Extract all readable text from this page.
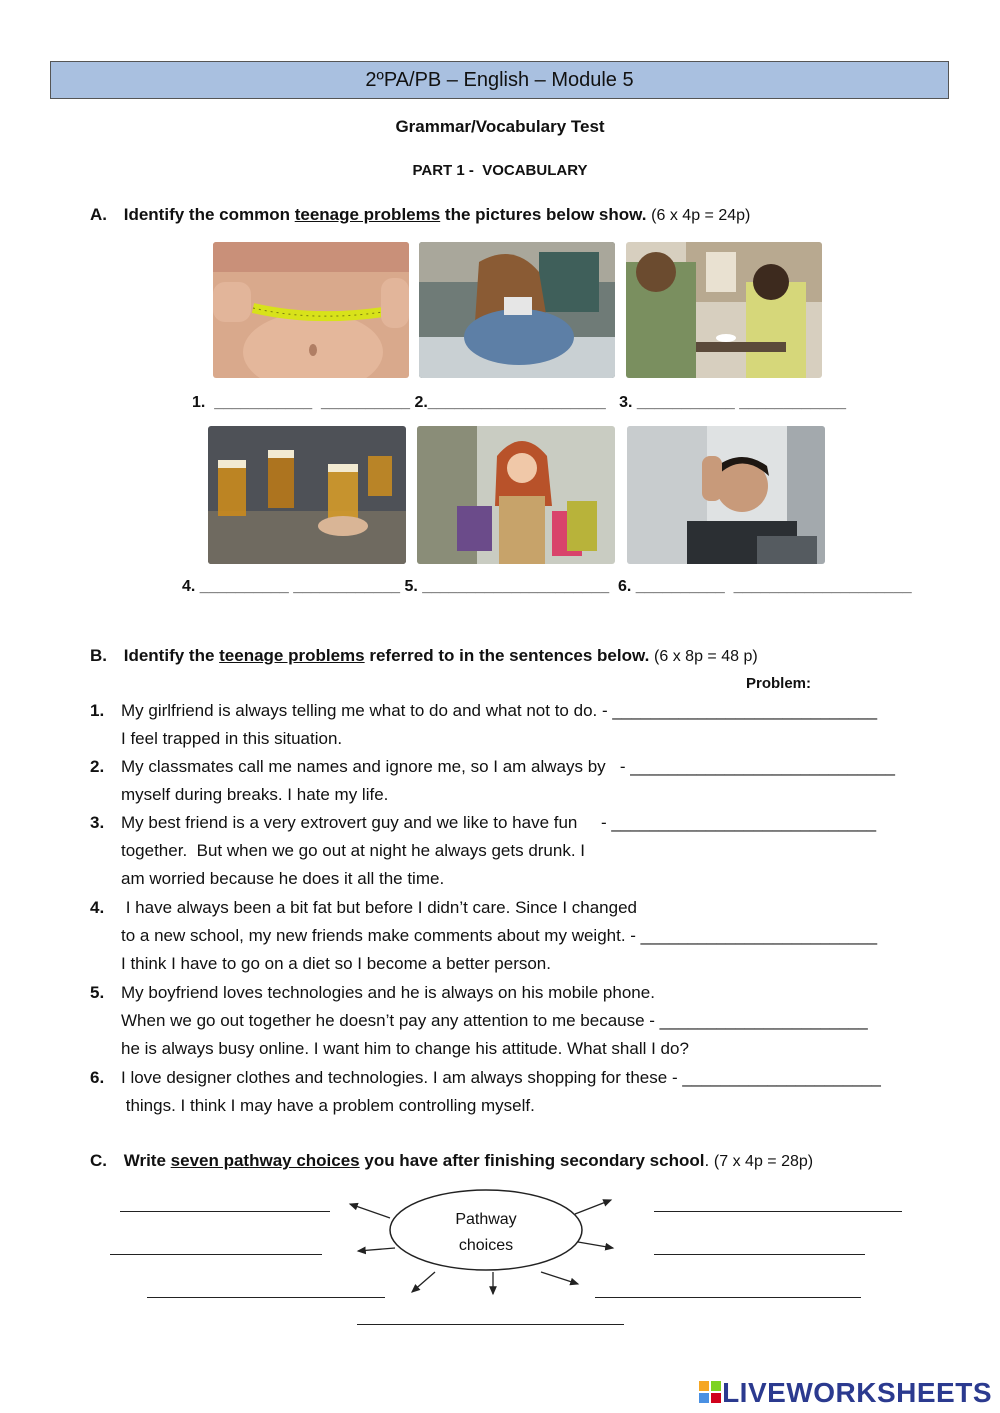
2ºPA/PB – English – Module 5
Grammar/Vocabulary Test
PART 1 -  VOCABULARY
A. Identify the common teenage problems the pictures below show. (6 x 4p = 24p)
1.  ___________  __________ 2.____________________   3. ___________ ____________
4. __________ ____________ 5. _____________________  6. __________  ____________________
B. Identify the teenage problems referred to in the sentences below. (6 x 8p = 48 p)
Problem:
1. My girlfriend is always telling me what to do and what not to do. - ____________________________
I feel trapped in this situation.
2. My classmates call me names and ignore me, so I am always by   - ____________________________
myself during breaks. I hate my life.
3. My best friend is a very extrovert guy and we like to have fun     - ____________________________
together.  But when we go out at night he always gets drunk. I
am worried because he does it all the time.
4. I have always been a bit fat but before I didn’t care. Since I changed
to a new school, my new friends make comments about my weight. - _________________________
I think I have to go on a diet so I become a better person.
5. My boyfriend loves technologies and he is always on his mobile phone.
When we go out together he doesn’t pay any attention to me because - ______________________
he is always busy online. I want him to change his attitude. What shall I do?
6. I love designer clothes and technologies. I am always shopping for these - _____________________
things. I think I may have a problem controlling myself.
C. Write seven pathway choices you have after finishing secondary school. (7 x 4p = 28p)
Pathway
choices
LIVEWORKSHEETS
